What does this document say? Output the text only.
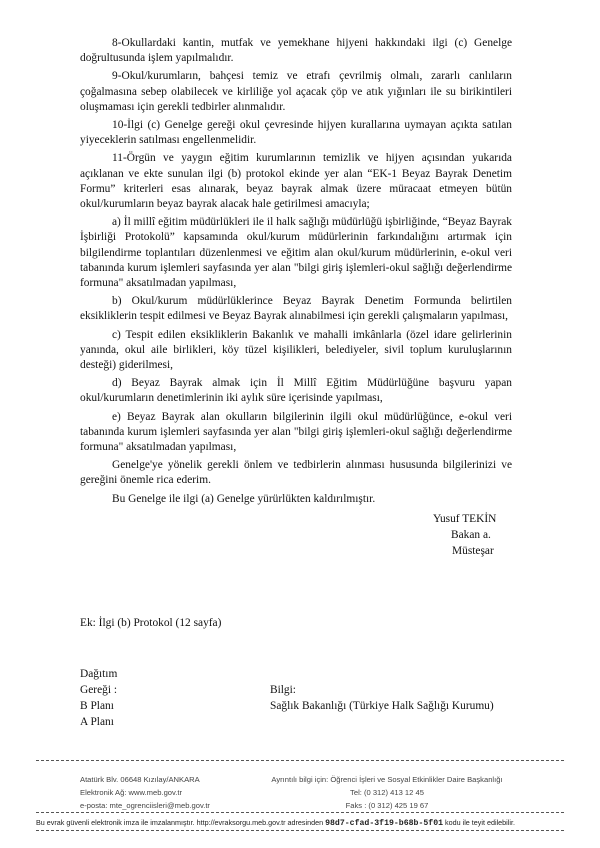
8-Okullardaki kantin, mutfak ve yemekhane hijyeni hakkındaki ilgi (c) Genelge doğrultusunda işlem yapılmalıdır.

9-Okul/kurumların, bahçesi temiz ve etrafı çevrilmiş olmalı, zararlı canlıların çoğalmasına sebep olabilecek ve kirliliğe yol açacak çöp ve atık yığınları ile su birikintileri oluşmaması için gerekli tedbirler alınmalıdır.

10-İlgi (c) Genelge gereği okul çevresinde hijyen kurallarına uymayan açıkta satılan yiyeceklerin satılması engellenmelidir.

11-Örgün ve yaygın eğitim kurumlarının temizlik ve hijyen açısından yukarıda açıklanan ve ekte sunulan ilgi (b) protokol ekinde yer alan “EK-1 Beyaz Bayrak Denetim Formu” kriterleri esas alınarak, beyaz bayrak almak üzere müracaat etmeyen bütün okul/kurumların beyaz bayrak alacak hale getirilmesi amacıyla;

a) İl millî eğitim müdürlükleri ile il halk sağlığı müdürlüğü işbirliğinde, “Beyaz Bayrak İşbirliği Protokolü” kapsamında okul/kurum müdürlerinin farkındalığını artırmak için bilgilendirme toplantıları düzenlenmesi ve eğitim alan okul/kurum müdürlerinin, e-okul veri tabanında kurum işlemleri sayfasında yer alan "bilgi giriş işlemleri-okul sağlığı değerlendirme formuna" aksatılmadan yapılması,

b) Okul/kurum müdürlüklerince Beyaz Bayrak Denetim Formunda belirtilen eksikliklerin tespit edilmesi ve Beyaz Bayrak alınabilmesi için gerekli çalışmaların yapılması,

c) Tespit edilen eksikliklerin Bakanlık ve mahalli imkânlarla (özel idare gelirlerinin yanında, okul aile birlikleri, köy tüzel kişilikleri, belediyeler, sivil toplum kuruluşlarının desteği) giderilmesi,

d) Beyaz Bayrak almak için İl Millî Eğitim Müdürlüğüne başvuru yapan okul/kurumların denetimlerinin iki aylık süre içerisinde yapılması,

e) Beyaz Bayrak alan okulların bilgilerinin ilgili okul müdürlüğünce, e-okul veri tabanında kurum işlemleri sayfasında yer alan "bilgi giriş işlemleri-okul sağlığı değerlendirme formuna" aksatılmadan yapılması,

Genelge'ye yönelik gerekli önlem ve tedbirlerin alınması hususunda bilgilerinizi ve gereğini önemle rica ederim.

Bu Genelge ile ilgi (a) Genelge yürürlükten kaldırılmıştır.

Yusuf TEKİN
Bakan a.
Müsteşar
Ek: İlgi (b) Protokol (12 sayfa)
Dağıtım
Gereği :
B Planı
A Planı
Bilgi:
Sağlık Bakanlığı (Türkiye Halk Sağlığı Kurumu)
Atatürk Blv. 06648 Kızılay/ANKARA
Elektronik Ağ: www.meb.gov.tr
e-posta: mte_ogrenciisleri@meb.gov.tr
Ayrıntılı bilgi için: Öğrenci İşleri ve Sosyal Etkinlikler Daire Başkanlığı
Tel: (0 312) 413 12 45
Faks : (0 312) 425 19 67
Bu evrak güvenli elektronik imza ile imzalanmıştır. http://evraksorgu.meb.gov.tr adresinden 98d7-cfad-3f19-b68b-5f01 kodu ile teyit edilebilir.
